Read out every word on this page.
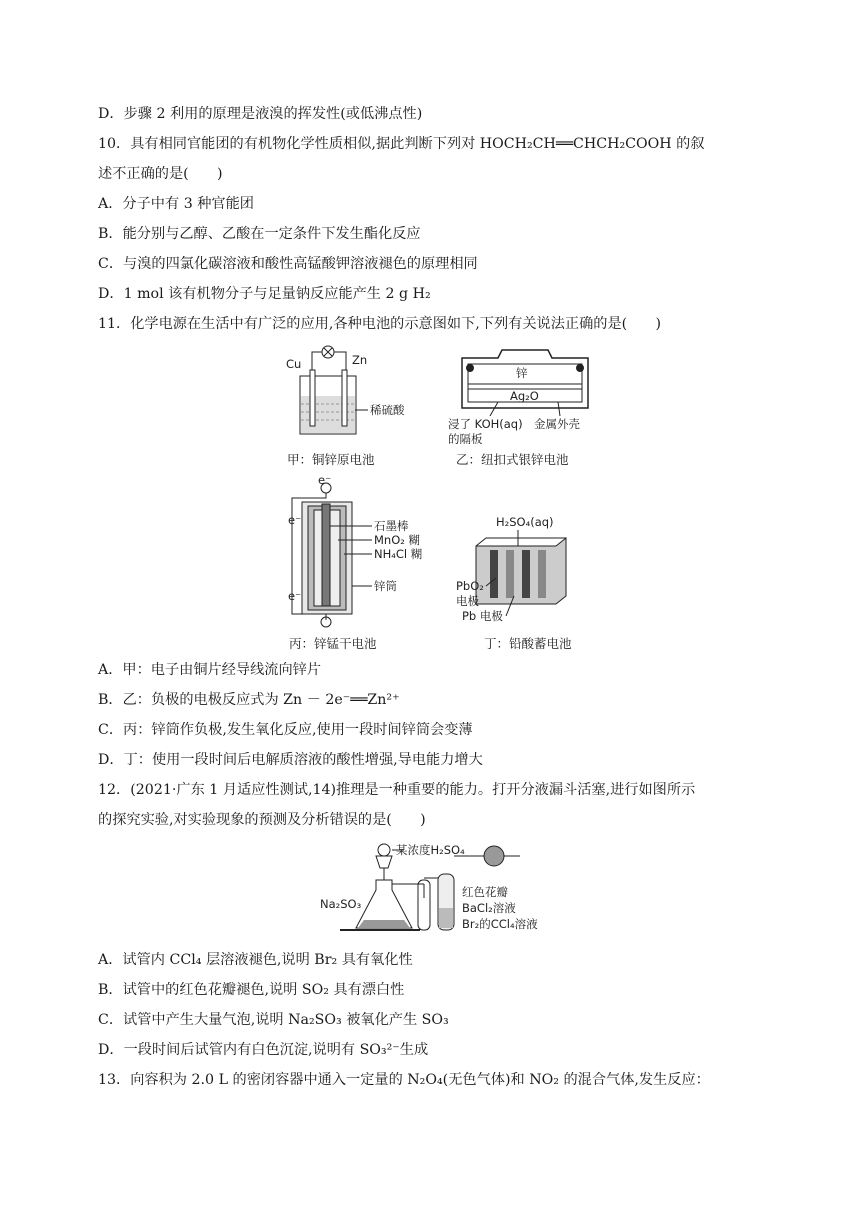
D．步骤 2 利用的原理是液溴的挥发性(或低沸点性)
10．具有相同官能团的有机物化学性质相似,据此判断下列对 HOCH₂CH══CHCH₂COOH 的叙
述不正确的是(　　)
A．分子中有 3 种官能团
B．能分别与乙醇、乙酸在一定条件下发生酯化反应
C．与溴的四氯化碳溶液和酸性高锰酸钾溶液褪色的原理相同
D．1 mol 该有机物分子与足量钠反应能产生 2 g H₂
11．化学电源在生活中有广泛的应用,各种电池的示意图如下,下列有关说法正确的是(　　)
Cu	Zn
稀硫酸
甲：铜锌原电池
锌
Ag₂O
浸了 KOH(aq)
的隔板
金属外壳
乙：纽扣式银锌电池
e⁻
e⁻
e⁻
石墨棒
MnO₂ 糊
NH₄Cl 糊
锌筒
丙：锌锰干电池
H₂SO₄(aq)
PbO₂
电极
Pb 电极
丁：铅酸蓄电池
A．甲：电子由铜片经导线流向锌片
B．乙：负极的电极反应式为 Zn － 2e⁻══Zn²⁺
C．丙：锌筒作负极,发生氧化反应,使用一段时间锌筒会变薄
D．丁：使用一段时间后电解质溶液的酸性增强,导电能力增大
12．(2021·广东 1 月适应性测试,14)推理是一种重要的能力。打开分液漏斗活塞,进行如图所示
的探究实验,对实验现象的预测及分析错误的是(　　)
某浓度H₂SO₄
Na₂SO₃
红色花瓣
BaCl₂溶液
Br₂的CCl₄溶液
A．试管内 CCl₄ 层溶液褪色,说明 Br₂ 具有氧化性
B．试管中的红色花瓣褪色,说明 SO₂ 具有漂白性
C．试管中产生大量气泡,说明 Na₂SO₃ 被氧化产生 SO₃
D．一段时间后试管内有白色沉淀,说明有 SO₃²⁻生成
13．向容积为 2.0 L 的密闭容器中通入一定量的 N₂O₄(无色气体)和 NO₂ 的混合气体,发生反应：
